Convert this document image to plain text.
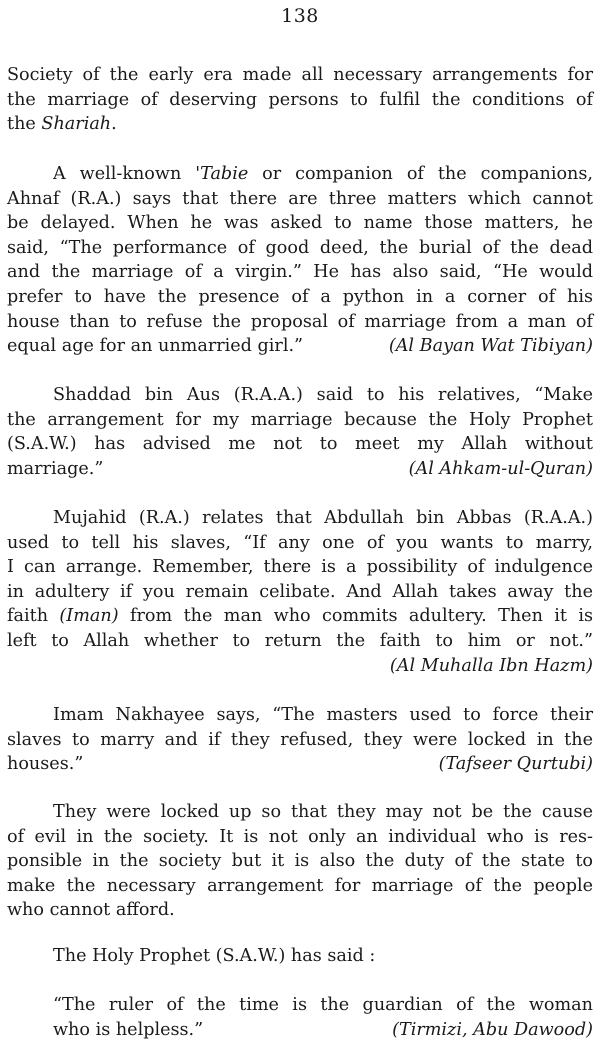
138
Society of the early era made all necessary arrangements for
the marriage of deserving persons to fulfil the conditions of
the Shariah.
A well-known 'Tabie or companion of the companions,
Ahnaf (R.A.) says that there are three matters which cannot
be delayed. When he was asked to name those matters, he
said, “The performance of good deed, the burial of the dead
and the marriage of a virgin.” He has also said, “He would
prefer to have the presence of a python in a corner of his
house than to refuse the proposal of marriage from a man of
equal age for an unmarried girl.”	(Al Bayan Wat Tibiyan)
Shaddad bin Aus (R.A.A.) said to his relatives, “Make
the arrangement for my marriage because the Holy Prophet
(S.A.W.) has advised me not to meet my Allah without
marriage.”	(Al Ahkam-ul-Quran)
Mujahid (R.A.) relates that Abdullah bin Abbas (R.A.A.)
used to tell his slaves, “If any one of you wants to marry,
I can arrange. Remember, there is a possibility of indulgence
in adultery if you remain celibate. And Allah takes away the
faith (Iman) from the man who commits adultery. Then it is
left to Allah whether to return the faith to him or not.”
(Al Muhalla Ibn Hazm)
Imam Nakhayee says, “The masters used to force their
slaves to marry and if they refused, they were locked in the
houses.”	(Tafseer Qurtubi)
They were locked up so that they may not be the cause
of evil in the society. It is not only an individual who is res-
ponsible in the society but it is also the duty of the state to
make the necessary arrangement for marriage of the people
who cannot afford.
The Holy Prophet (S.A.W.) has said :
“The ruler of the time is the guardian of the woman
who is helpless.”	(Tirmizi, Abu Dawood)
